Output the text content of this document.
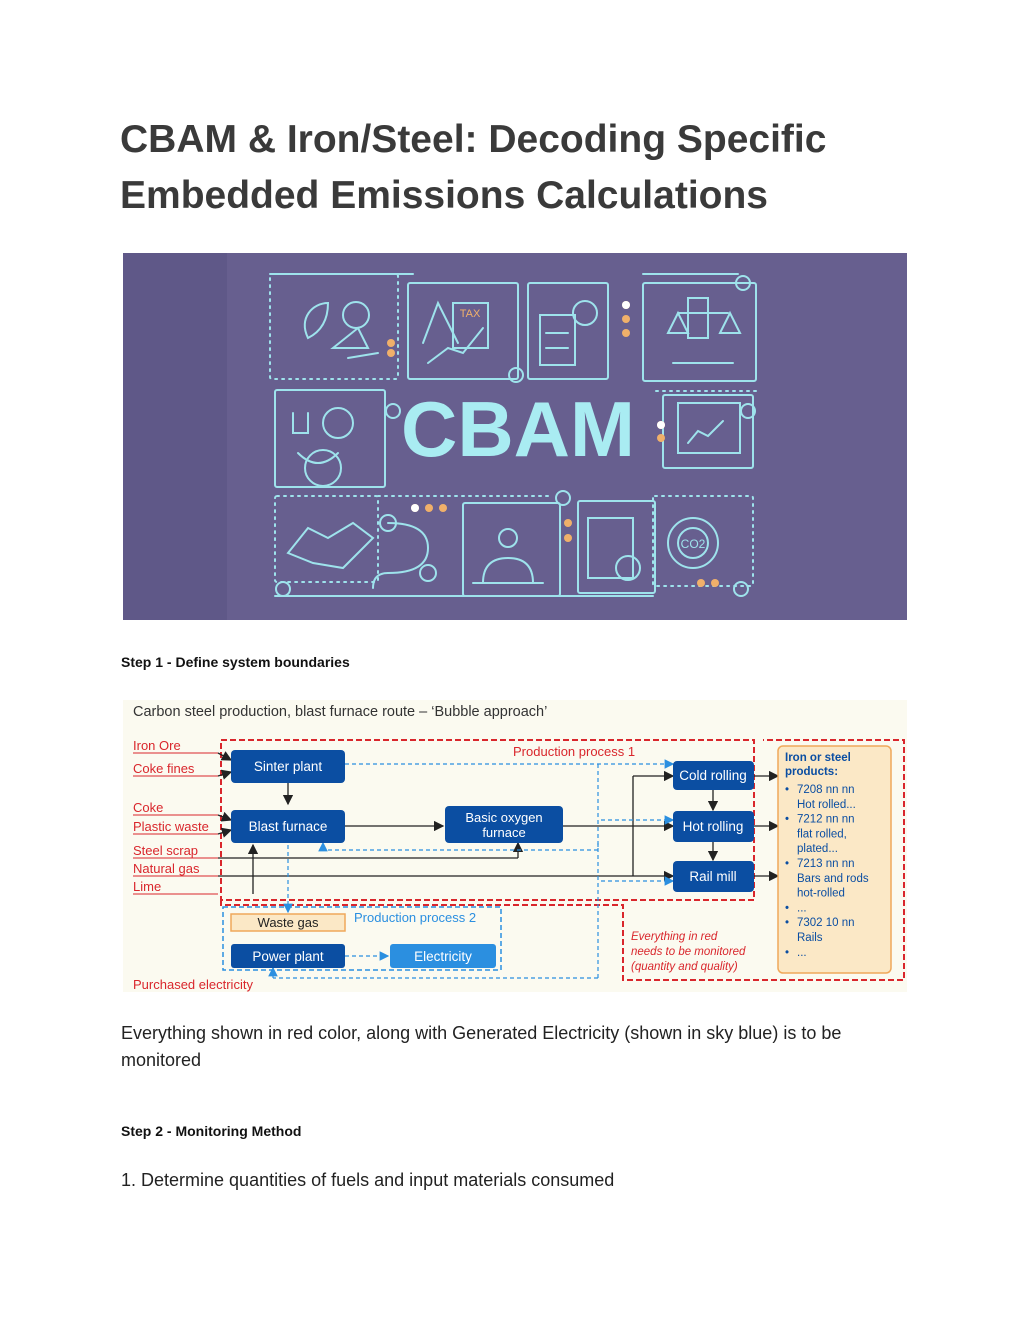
CBAM & Iron/Steel: Decoding Specific
Embedded Emissions Calculations
CBAM
TAX
CO2
Step 1 - Define system boundaries
Carbon steel production, blast furnace route – ‘Bubble approach’
Production process 1
Production process 2
Iron Ore
Coke fines
Coke
Plastic waste
Steel scrap
Natural gas
Lime
Purchased electricity
Sinter plant
Blast furnace
Basic oxygen
furnace
Cold rolling
Hot rolling
Rail mill
Waste gas
Power plant	Electricity
Everything in red
needs to be monitored
(quantity and quality)
Iron or steel
products:
• 7208 nn nn
Hot rolled...
• 7212 nn nn
flat rolled,
plated...
• 7213 nn nn
Bars and rods
hot-rolled
• ...
• 7302 10 nn
Rails
• ...
Everything shown in red color, along with Generated Electricity (shown in sky blue) is to be monitored
Step 2 - Monitoring Method
1. Determine quantities of fuels and input materials consumed
